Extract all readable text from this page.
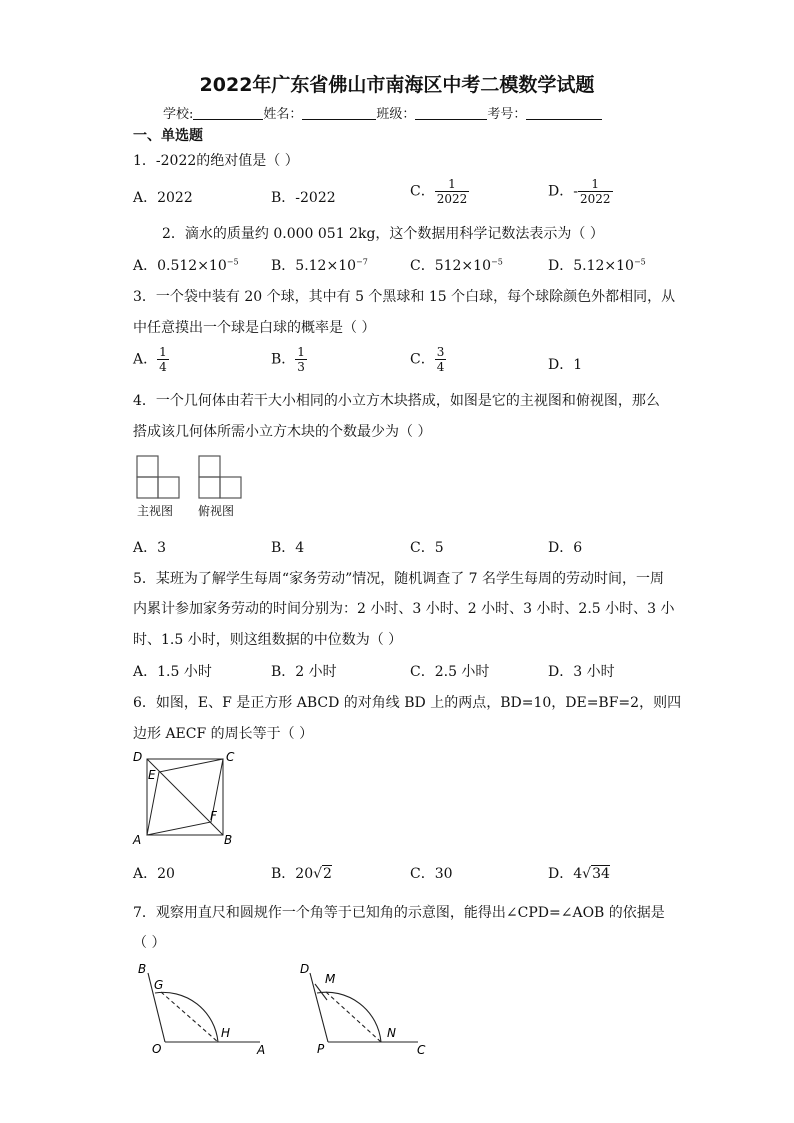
2022年广东省佛山市南海区中考二模数学试题
学校:	姓名：	班级：	考号：
一、单选题
1．-2022的绝对值是（ ）
A．2022	B．-2022	C． $\frac{1}{2022}$	D．- $\frac{1}{2022}$
2．滴水的质量约 0.000 051 2kg，这个数据用科学记数法表示为（ ）
A．$0.512\times 10^{-5}$ B．$5.12\times 10^{-7}$	C．$512\times 10^{-5}$	D．$5.12\times 10^{-5}$
3．一个袋中装有 20 个球，其中有 5 个黑球和 15 个白球，每个球除颜色外都相同，从
中任意摸出一个球是白球的概率是（ ）
A． $\frac{1}{4}$	B． $\frac{1}{3}$	C． $\frac{3}{4}$	D．1
4．一个几何体由若干大小相同的小立方木块搭成，如图是它的主视图和俯视图，那么
搭成该几何体所需小立方木块的个数最少为（ ）
主视图 俯视图
A．3	B．4	C．5	D．6
5．某班为了解学生每周“家务劳动”情况，随机调查了 7 名学生每周的劳动时间，一周
内累计参加家务劳动的时间分别为：2 小时、3 小时、2 小时、3 小时、2.5 小时、3 小
时、1.5 小时，则这组数据的中位数为（ ）
A．1.5 小时	B．2 小时	C．2.5 小时	D．3 小时
6．如图，E、F 是正方形 ABCD 的对角线 BD 上的两点，BD=10，DE=BF=2，则四
边形 AECF 的周长等于（ ）
D	C
E
F
A	B
A．20	B．20√2	C．30	D．4√34
7．观察用直尺和圆规作一个角等于已知角的示意图，能得出∠CPD=∠AOB 的依据是
（ ）
B
G
H
O	A
D
M
N
P	C
